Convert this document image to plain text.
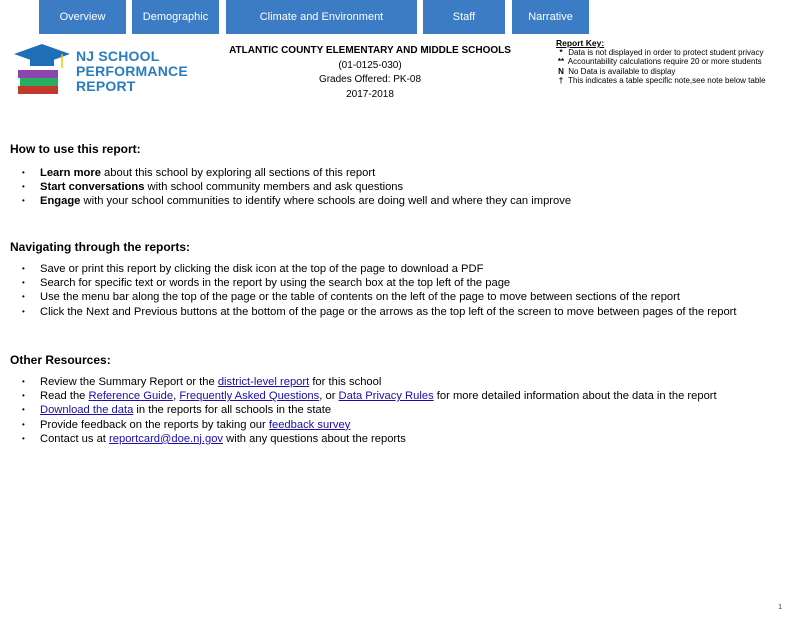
Overview	Demographic	Climate and Environment	Staff	Narrative
NJ SCHOOL
PERFORMANCE
REPORT
ATLANTIC COUNTY ELEMENTARY AND MIDDLE SCHOOLS
(01-0125-030)
Grades Offered: PK-08
2017-2018
Report Key:
* Data is not displayed in order to protect student privacy
** Accountability calculations require 20 or more students
N No Data is available to display
† This indicates a table specific note,see note below table
How to use this report:
• Learn more about this school by exploring all sections of this report
• Start conversations with school community members and ask questions
• Engage with your school communities to identify where schools are doing well and where they can improve
Navigating through the reports:
• Save or print this report by clicking the disk icon at the top of the page to download a PDF
• Search for specific text or words in the report by using the search box at the top left of the page
• Use the menu bar along the top of the page or the table of contents on the left of the page to move between sections of the report
• Click the Next and Previous buttons at the bottom of the page or the arrows as the top left of the screen to move between pages of the report
Other Resources:
• Review the Summary Report or the district-level report for this school
• Read the Reference Guide, Frequently Asked Questions, or Data Privacy Rules for more detailed information about the data in the report
• Download the data in the reports for all schools in the state
• Provide feedback on the reports by taking our feedback survey
• Contact us at reportcard@doe.nj.gov with any questions about the reports
1
